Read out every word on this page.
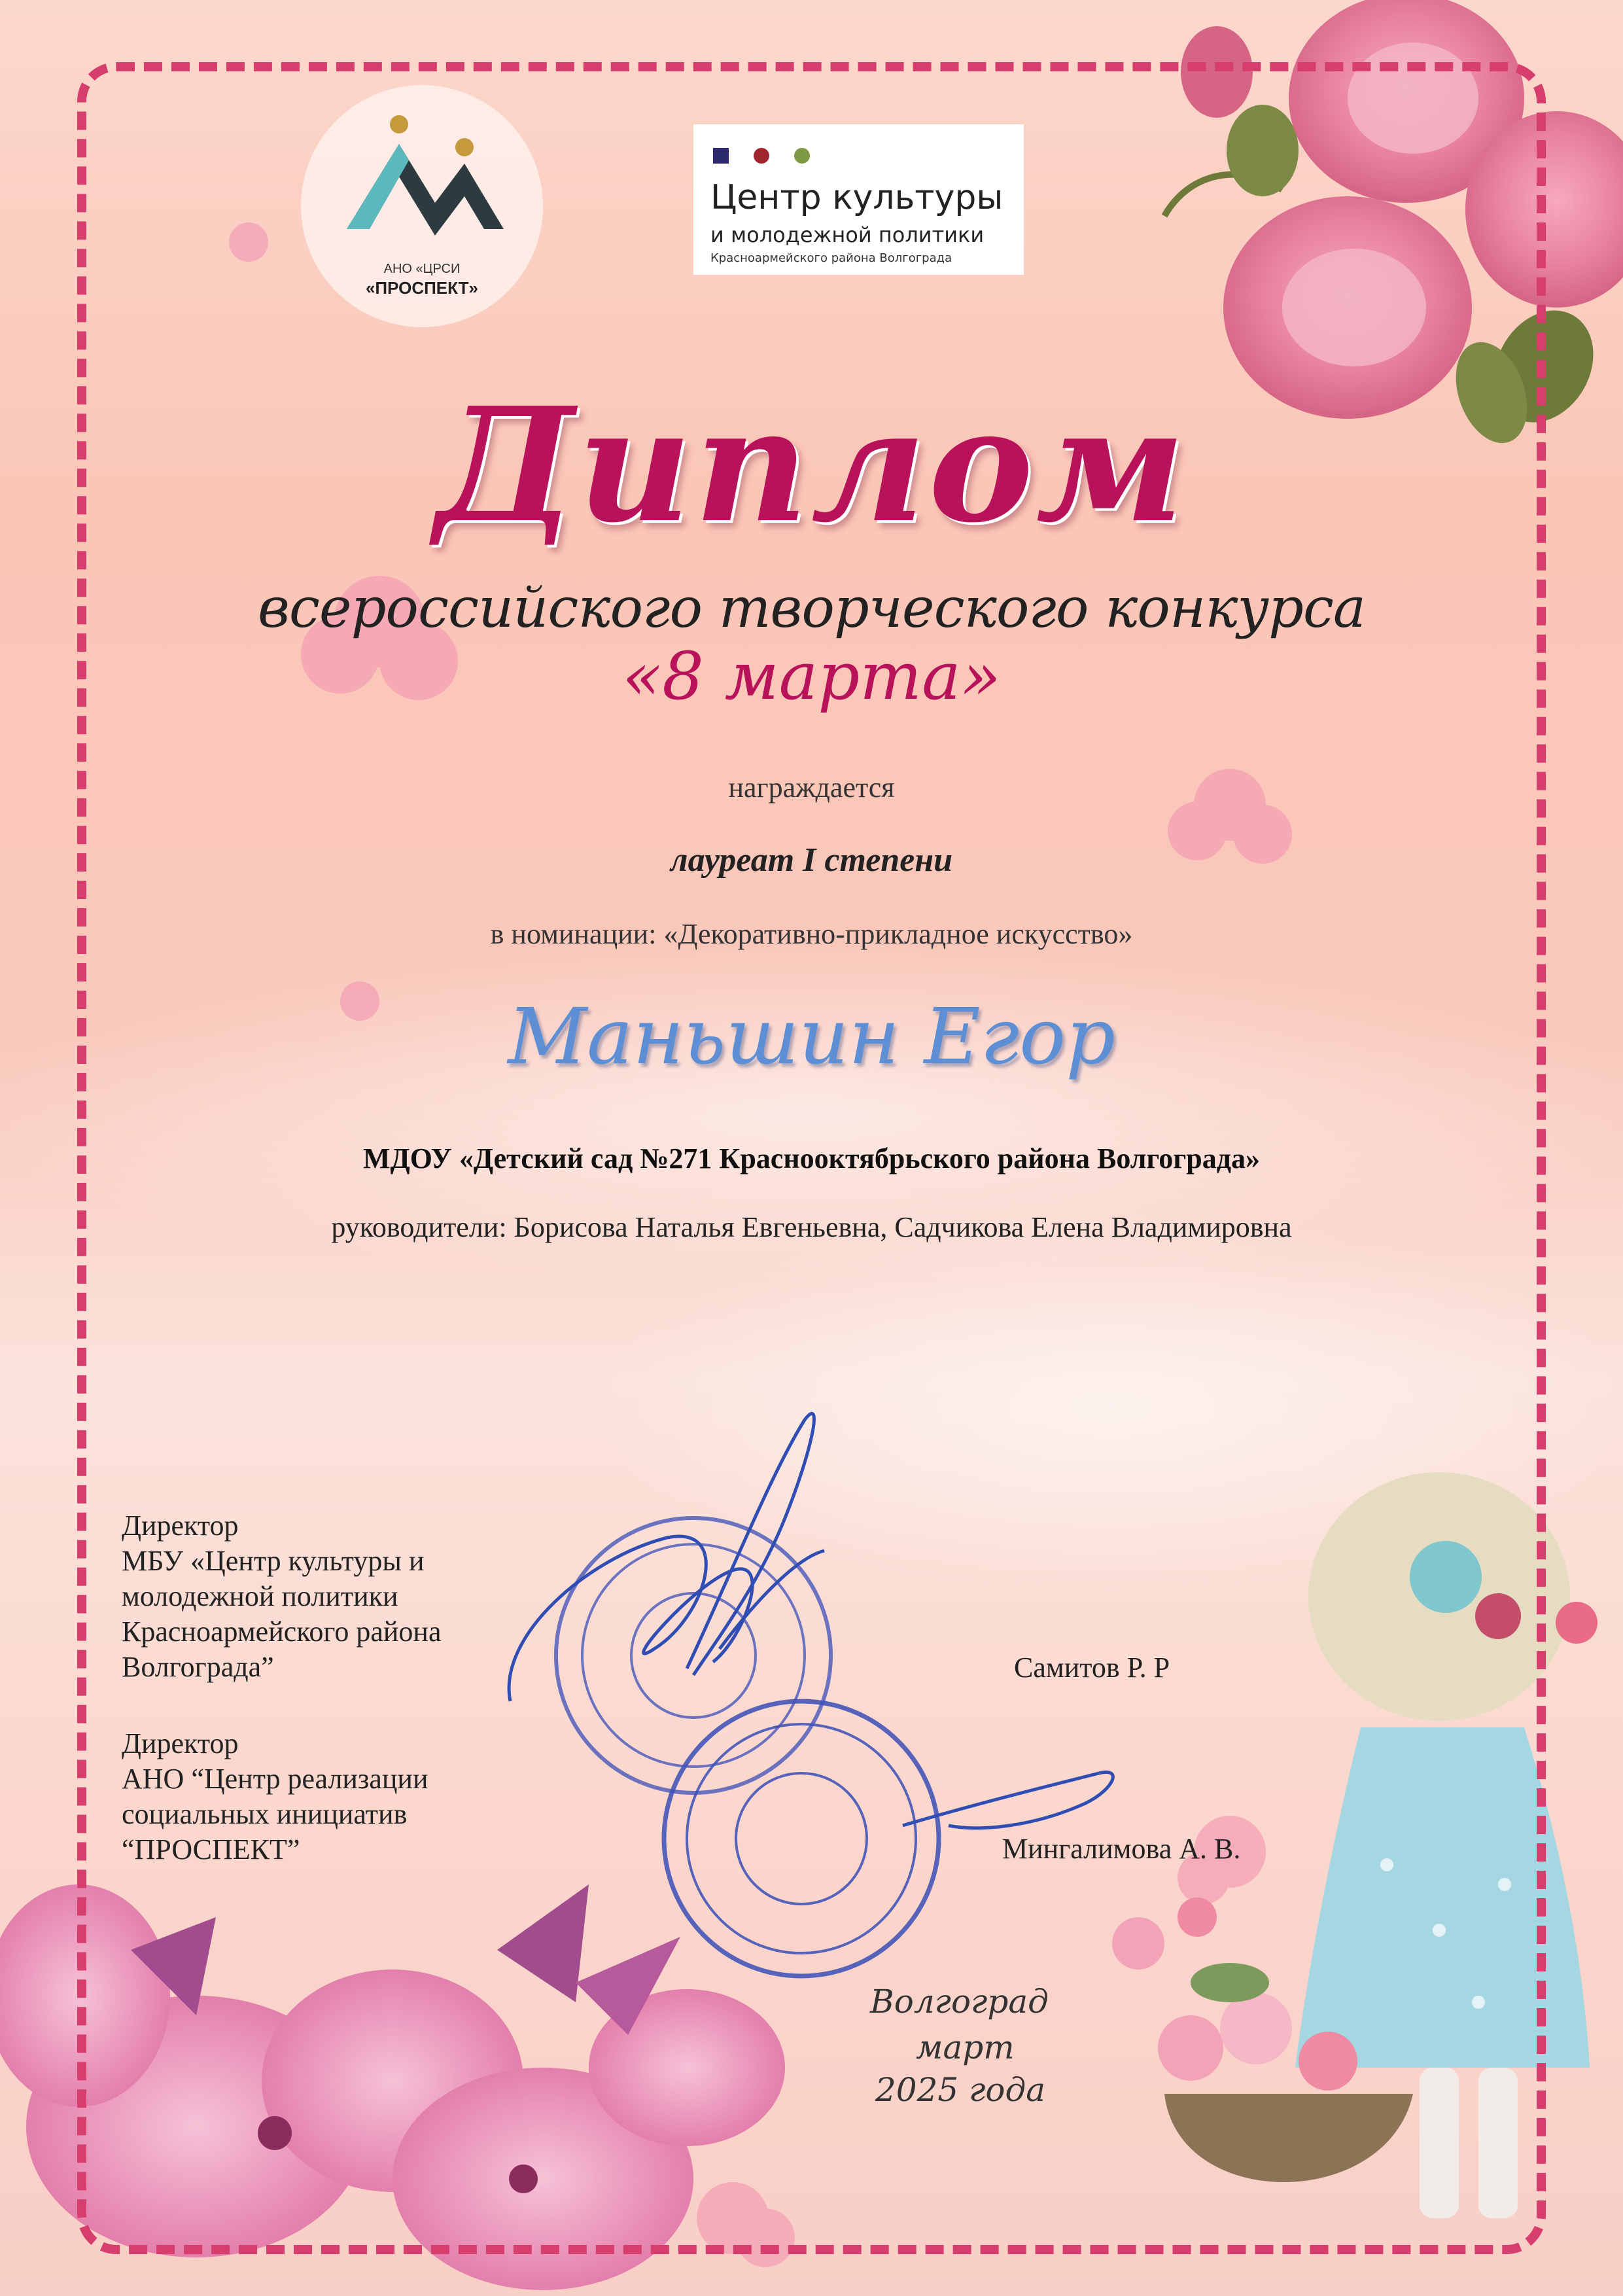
АНО «ЦРСИ
«ПРОСПЕКТ»
Центр культуры
и молодежной политики
Красноармейского района Волгограда
Диплом
всероссийского творческого конкурса
«8 марта»
награждается
лауреат I степени
в номинации: «Декоративно-прикладное искусство»
Маньшин Егор
МДОУ «Детский сад №271 Краснооктябрьского района Волгограда»
руководители: Борисова Наталья Евгеньевна, Садчикова Елена Владимировна
Директор
МБУ «Центр культуры и
молодежной политики
Красноармейского района
Волгограда”
Директор
АНО “Центр реализации
социальных инициатив
“ПРОСПЕКТ”
Самитов Р. Р
Мингалимова А. В.
Волгоград
март
2025 года
